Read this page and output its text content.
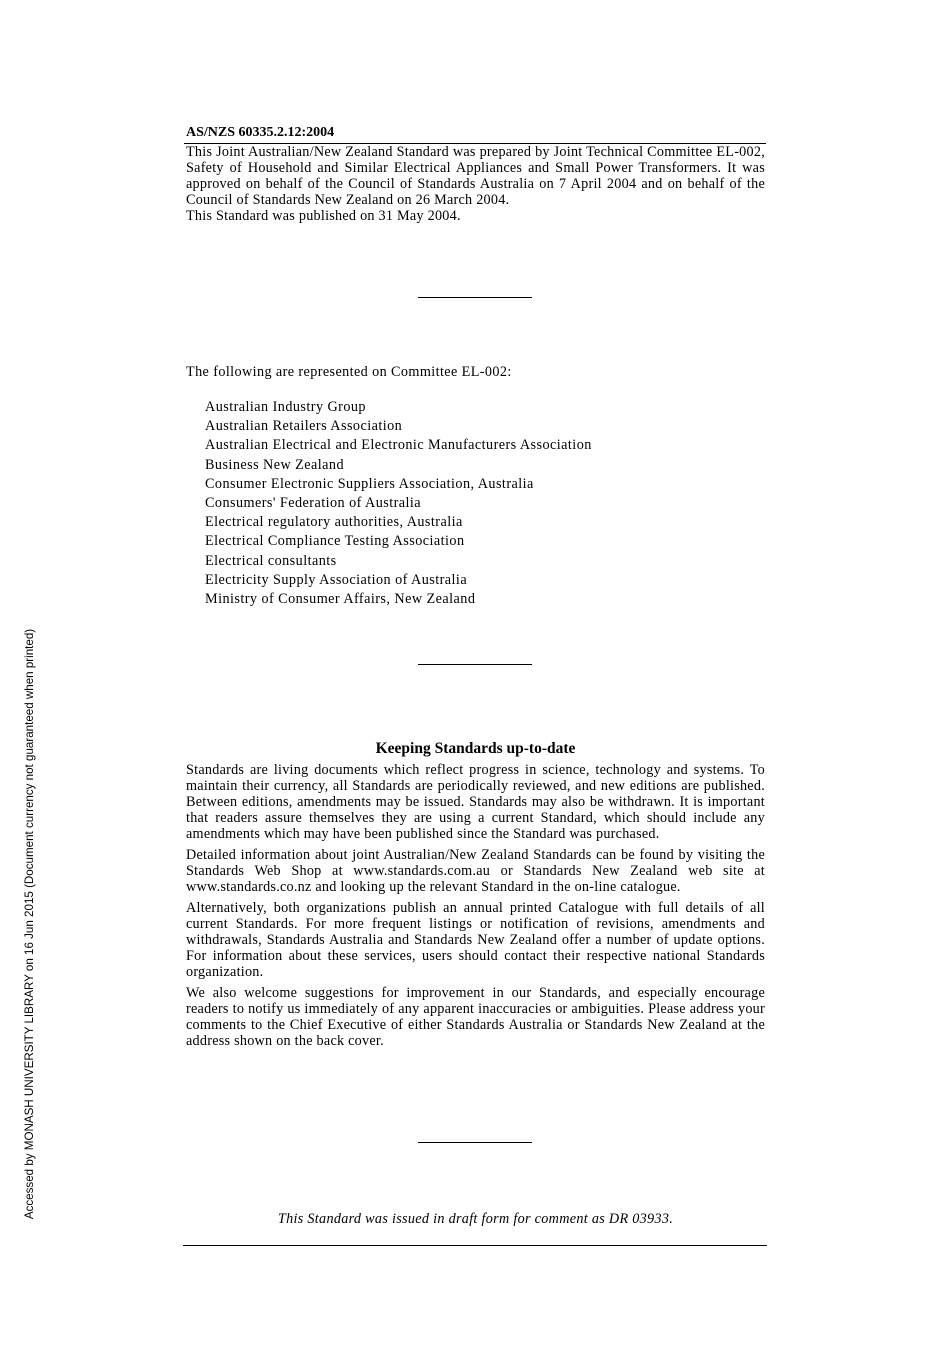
Accessed by MONASH UNIVERSITY LIBRARY on 16 Jun 2015 (Document currency not guaranteed when printed)
AS/NZS 60335.2.12:2004

This Joint Australian/New Zealand Standard was prepared by Joint Technical Committee EL-002, Safety of Household and Similar Electrical Appliances and Small Power Transformers. It was approved on behalf of the Council of Standards Australia on 7 April 2004 and on behalf of the Council of Standards New Zealand on 26 March 2004.

This Standard was published on 31 May 2004.

The following are represented on Committee EL-002:
Australian Industry Group
Australian Retailers Association
Australian Electrical and Electronic Manufacturers Association
Business New Zealand
Consumer Electronic Suppliers Association, Australia
Consumers' Federation of Australia
Electrical regulatory authorities, Australia
Electrical Compliance Testing Association
Electrical consultants
Electricity Supply Association of Australia
Ministry of Consumer Affairs, New Zealand
Keeping Standards up-to-date

Standards are living documents which reflect progress in science, technology and systems. To maintain their currency, all Standards are periodically reviewed, and new editions are published. Between editions, amendments may be issued. Standards may also be withdrawn. It is important that readers assure themselves they are using a current Standard, which should include any amendments which may have been published since the Standard was purchased.

Detailed information about joint Australian/New Zealand Standards can be found by visiting the Standards Web Shop at www.standards.com.au or Standards New Zealand web site at www.standards.co.nz and looking up the relevant Standard in the on-line catalogue.

Alternatively, both organizations publish an annual printed Catalogue with full details of all current Standards. For more frequent listings or notification of revisions, amendments and withdrawals, Standards Australia and Standards New Zealand offer a number of update options. For information about these services, users should contact their respective national Standards organization.

We also welcome suggestions for improvement in our Standards, and especially encourage readers to notify us immediately of any apparent inaccuracies or ambiguities. Please address your comments to the Chief Executive of either Standards Australia or Standards New Zealand at the address shown on the back cover.

This Standard was issued in draft form for comment as DR 03933.
